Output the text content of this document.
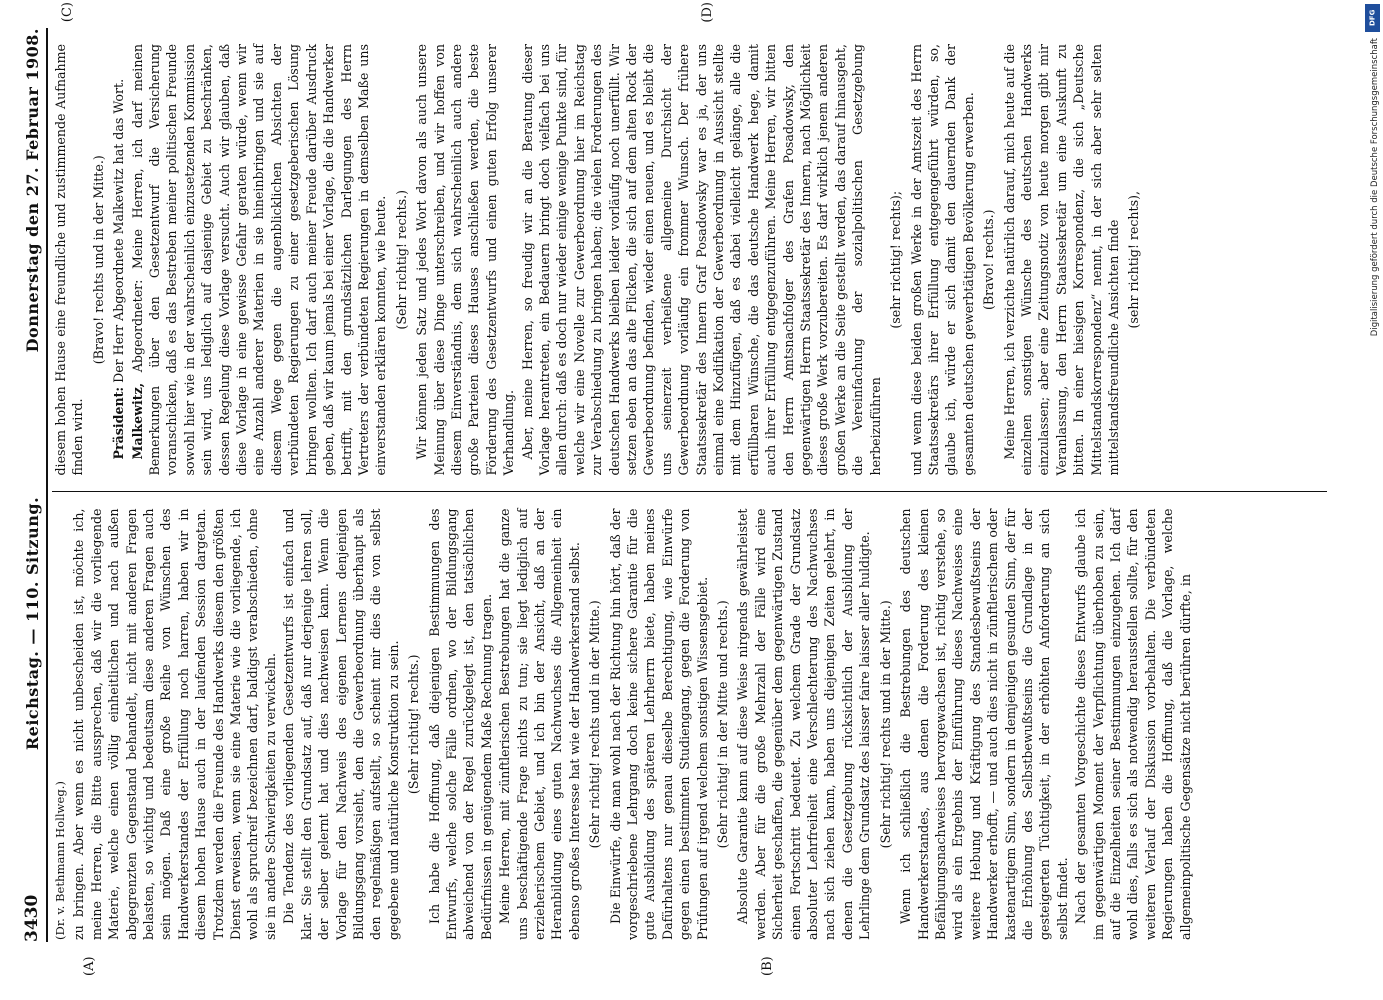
3430
Reichstag. — 110. Sitzung.
Donnerstag den 27. Februar 1908.
(A)	(B)
(C)	(D)

(Dr. v. Bethmann Hollweg.) zu bringen. Aber wenn es nicht unbescheiden ist, möchte ich, meine Herren, die Bitte aussprechen, daß wir die vorliegende Materie, welche einen völlig einheitlichen und nach außen abgegrenzten Gegenstand behandelt, nicht mit anderen Fragen belasten, so wichtig und bedeutsam diese anderen Fragen auch sein mögen. Daß eine große Reihe von Wünschen des Handwerkerstandes der Erfüllung noch harren, haben wir in diesem hohen Hause auch in der laufenden Session dargetan. Trotzdem werden die Freunde des Handwerks diesem den größten Dienst erweisen, wenn sie eine Materie wie die vorliegende, ich wohl als spruchreif bezeichnen darf, baldigst verabschieden, ohne sie in andere Schwierigkeiten zu verwickeln. Die Tendenz des vorliegenden Gesetzentwurfs ist einfach und klar. Sie stellt den Grundsatz auf, daß nur derjenige lehren soll, der selber gelernt hat und dies nachweisen kann. Wenn die Vorlage für den Nachweis des eigenen Lernens denjenigen Bildungsgang vorsieht, den die Gewerbeordnung überhaupt als den regelmäßigen aufstellt, so scheint mir dies die von selbst gegebene und natürliche Konstruktion zu sein. (Sehr richtig! rechts.) Ich habe die Hoffnung, daß diejenigen Bestimmungen des Entwurfs, welche solche Fälle ordnen, wo der Bildungsgang abweichend von der Regel zurückgelegt ist, den tatsächlichen Bedürfnissen in genügendem Maße Rechnung tragen. Meine Herren, mit zünftlerischen Bestrebungen hat die ganze uns beschäftigende Frage nichts zu tun; sie liegt lediglich auf erzieherischem Gebiet, und ich bin der Ansicht, daß an der Heranbildung eines guten Nachwuchses die Allgemeinheit ein ebenso großes Interesse hat wie der Handwerkerstand selbst. (Sehr richtig! rechts und in der Mitte.) Die Einwürfe, die man wohl nach der Richtung hin hört, daß der vorgeschriebene Lehrgang doch keine sichere Garantie für die gute Ausbildung des späteren Lehrherrn biete, haben meines Dafürhaltens nur genau dieselbe Berechtigung, wie Einwürfe gegen einen bestimmten Studiengang, gegen die Forderung von Prüfungen auf irgend welchem sonstigen Wissensgebiet. (Sehr richtig! in der Mitte und rechts.) Absolute Garantie kann auf diese Weise nirgends gewährleistet werden. Aber für die große Mehrzahl der Fälle wird eine Sicherheit geschaffen, die gegenüber dem gegenwärtigen Zustand einen Fortschritt bedeutet. Zu welchem Grade der Grundsatz absoluter Lehrfreiheit eine Verschlechterung des Nachwuchses nach sich ziehen kann, haben uns diejenigen Zeiten gelehrt, in denen die Gesetzgebung rücksichtlich der Ausbildung der Lehrlinge dem Grundsatz des laisser faire laisser aller huldigte. (Sehr richtig! rechts und in der Mitte.) Wenn ich schließlich die Bestrebungen des deutschen Handwerkerstandes, aus denen die Forderung des kleinen Befähigungsnachweises hervorgewachsen ist, richtig verstehe, so wird als ein Ergebnis der Einführung dieses Nachweises eine weitere Hebung und Kräftigung des Standesbewußtseins der Handwerker erhofft, — und auch dies nicht in zünftlerischem oder kastenartigem Sinn, sondern in demjenigen gesunden Sinn, der für die Erhöhung des Selbstbewußtseins die Grundlage in der gesteigerten Tüchtigkeit, in der erhöhten Anforderung an sich selbst findet. Nach der gesamten Vorgeschichte dieses Entwurfs glaube ich im gegenwärtigen Moment der Verpflichtung überhoben zu sein, auf die Einzelheiten seiner Bestimmungen einzugehen. Ich darf wohl dies, falls es sich als notwendig herausstellen sollte, für den weiteren Verlauf der Diskussion vorbehalten. Die verbündeten Regierungen haben die Hoffnung, daß die Vorlage, welche allgemeinpolitische Gegensätze nicht berühren dürfte, in

diesem hohen Hause eine freundliche und zustimmende Aufnahme finden wird.

(Bravo! rechts und in der Mitte.)

Präsident: Der Herr Abgeordnete Malkewitz hat das Wort.

Malkewitz, Abgeordneter: Meine Herren, ich darf meinen Bemerkungen über den Gesetzentwurf die Versicherung voranschicken, daß es das Bestreben meiner politischen Freunde sowohl hier wie in der wahrscheinlich einzusetzenden Kommission sein wird, uns lediglich auf dasjenige Gebiet zu beschränken, dessen Regelung diese Vorlage versucht. Auch wir glauben, daß diese Vorlage in eine gewisse Gefahr geraten würde, wenn wir eine Anzahl anderer Materien in sie hineinbringen und sie auf diesem Wege gegen die augenblicklichen Absichten der verbündeten Regierungen zu einer gesetzgeberischen Lösung bringen wollten. Ich darf auch meiner Freude darüber Ausdruck geben, daß wir kaum jemals bei einer Vorlage, die die Handwerker betrifft, mit den grundsätzlichen Darlegungen des Herrn Vertreters der verbündeten Regierungen in demselben Maße uns einverstanden erklären konnten, wie heute. (Sehr richtig! rechts.) Wir können jeden Satz und jedes Wort davon als auch unsere Meinung über diese Dinge unterschreiben, und wir hoffen von diesem Einverständnis, dem sich wahrscheinlich auch andere große Parteien dieses Hauses anschließen werden, die beste Förderung des Gesetzentwurfs und einen guten Erfolg unserer Verhandlung. Aber, meine Herren, so freudig wir an die Beratung dieser Vorlage herantreten, ein Bedauern bringt doch vielfach bei uns allen durch: daß es doch nur wieder einige wenige Punkte sind, für welche wir eine Novelle zur Gewerbeordnung hier im Reichstag zur Verabschiedung zu bringen haben; die vielen Forderungen des deutschen Handwerks bleiben leider vorläufig noch unerfüllt. Wir setzen eben an das alte Flicken, die sich auf dem alten Rock der Gewerbeordnung befinden, wieder einen neuen, und es bleibt die uns seinerzeit verheißene allgemeine Durchsicht der Gewerbeordnung vorläufig ein frommer Wunsch. Der frühere Staatssekretär des Innern Graf Posadowsky war es ja, der uns einmal eine Kodifikation der Gewerbeordnung in Aussicht stellte mit dem Hinzufügen, daß es dabei vielleicht gelänge, alle die erfüllbaren Wünsche, die das deutsche Handwerk hege, damit auch ihrer Erfüllung entgegenzuführen. Meine Herren, wir bitten den Herrn Amtsnachfolger des Grafen Posadowsky, den gegenwärtigen Herrn Staatssekretär des Innern, nach Möglichkeit dieses große Werk vorzubereiten. Es darf wirklich jenem anderen großen Werke an die Seite gestellt werden, das darauf hinausgeht, die Vereinfachung der sozialpolitischen Gesetzgebung herbeizuführen

(sehr richtig! rechts); und wenn diese beiden großen Werke in der Amtszeit des Herrn Staatssekretärs ihrer Erfüllung entgegengeführt würden, so, glaube ich, würde er sich damit den dauernden Dank der gesamten deutschen gewerbtätigen Bevölkerung erwerben. (Bravo! rechts.) Meine Herren, ich verzichte natürlich darauf, mich heute auf die einzelnen sonstigen Wünsche des deutschen Handwerks einzulassen; aber eine Zeitungsnotiz von heute morgen gibt mir Veranlassung, den Herrn Staatssekretär um eine Auskunft zu bitten. In einer hiesigen Korrespondenz, die sich „Deutsche Mittelstandskorrespondenz“ nennt, in der sich aber sehr selten mittelstandsfreundliche Ansichten finde (sehr richtig! rechts),

DFG
Digitalisierung gefördert durch die Deutsche Forschungsgemeinschaft
